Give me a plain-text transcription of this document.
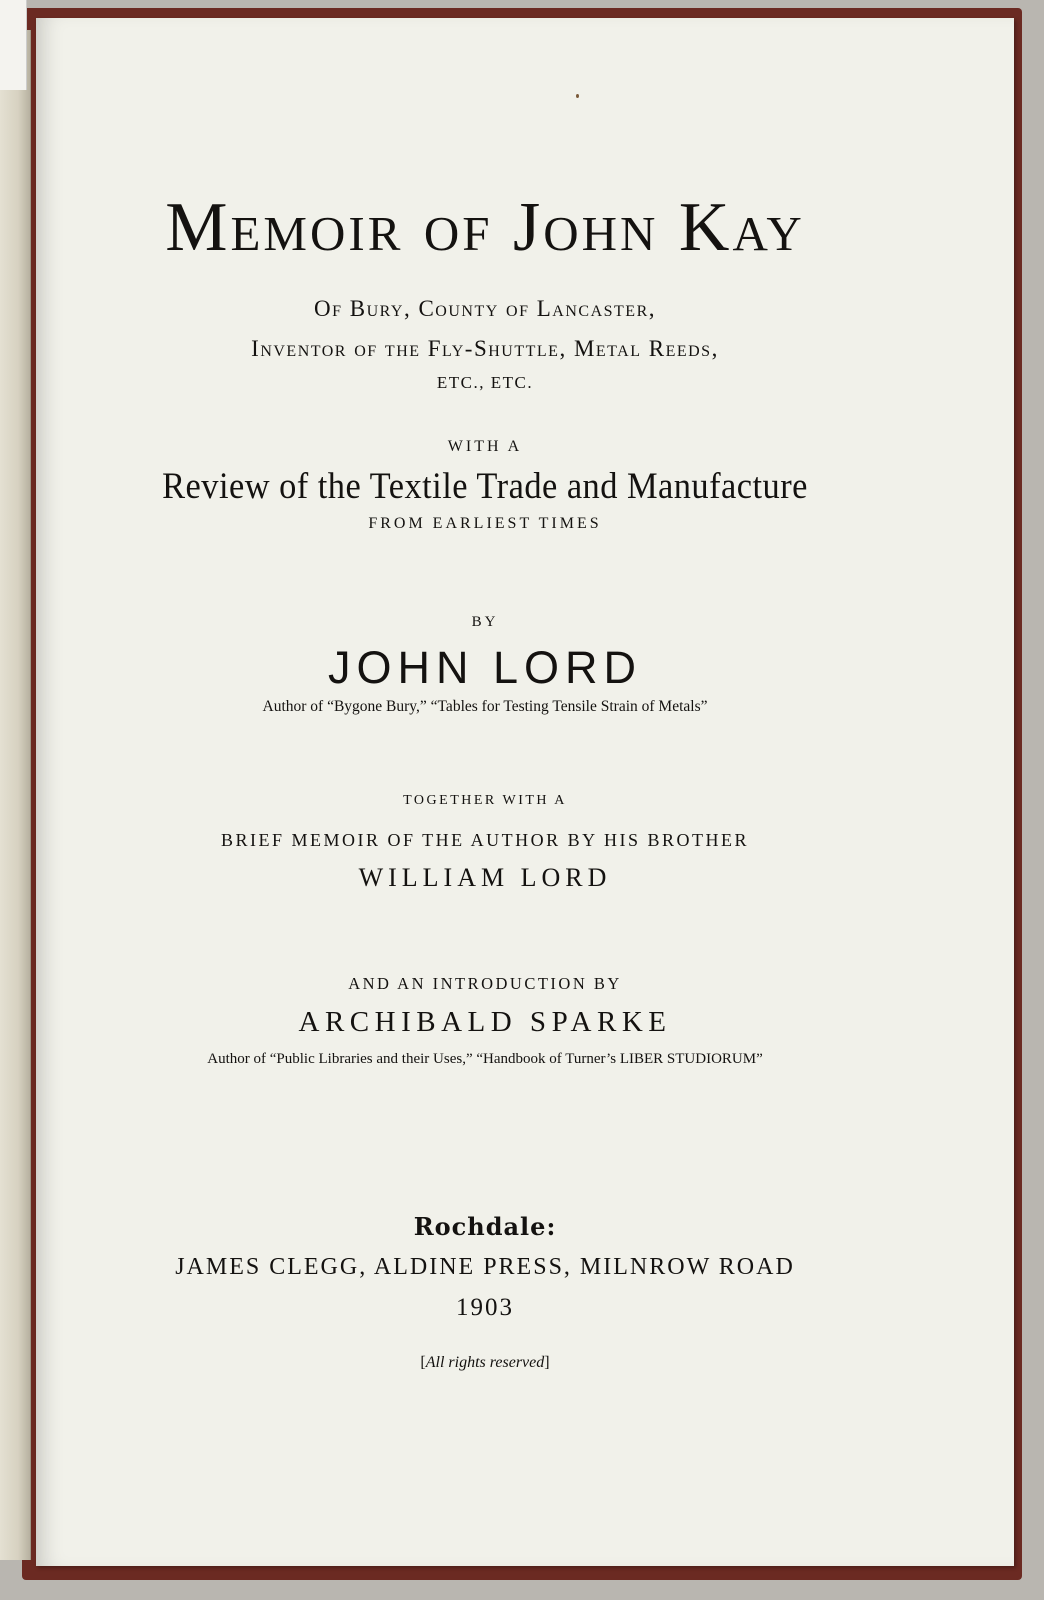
Memoir of John Kay
Of Bury, County of Lancaster,
Inventor of the Fly-Shuttle, Metal Reeds,
ETC., ETC.
WITH A
Review of the Textile Trade and Manufacture
FROM EARLIEST TIMES
BY
JOHN LORD
Author of “Bygone Bury,” “Tables for Testing Tensile Strain of Metals”
TOGETHER WITH A
BRIEF MEMOIR OF THE AUTHOR BY HIS BROTHER
WILLIAM LORD
AND AN INTRODUCTION BY
ARCHIBALD SPARKE
Author of “Public Libraries and their Uses,” “Handbook of Turner’s LIBER STUDIORUM”
Rochdale:
JAMES CLEGG, ALDINE PRESS, MILNROW ROAD
1903
[All rights reserved]
